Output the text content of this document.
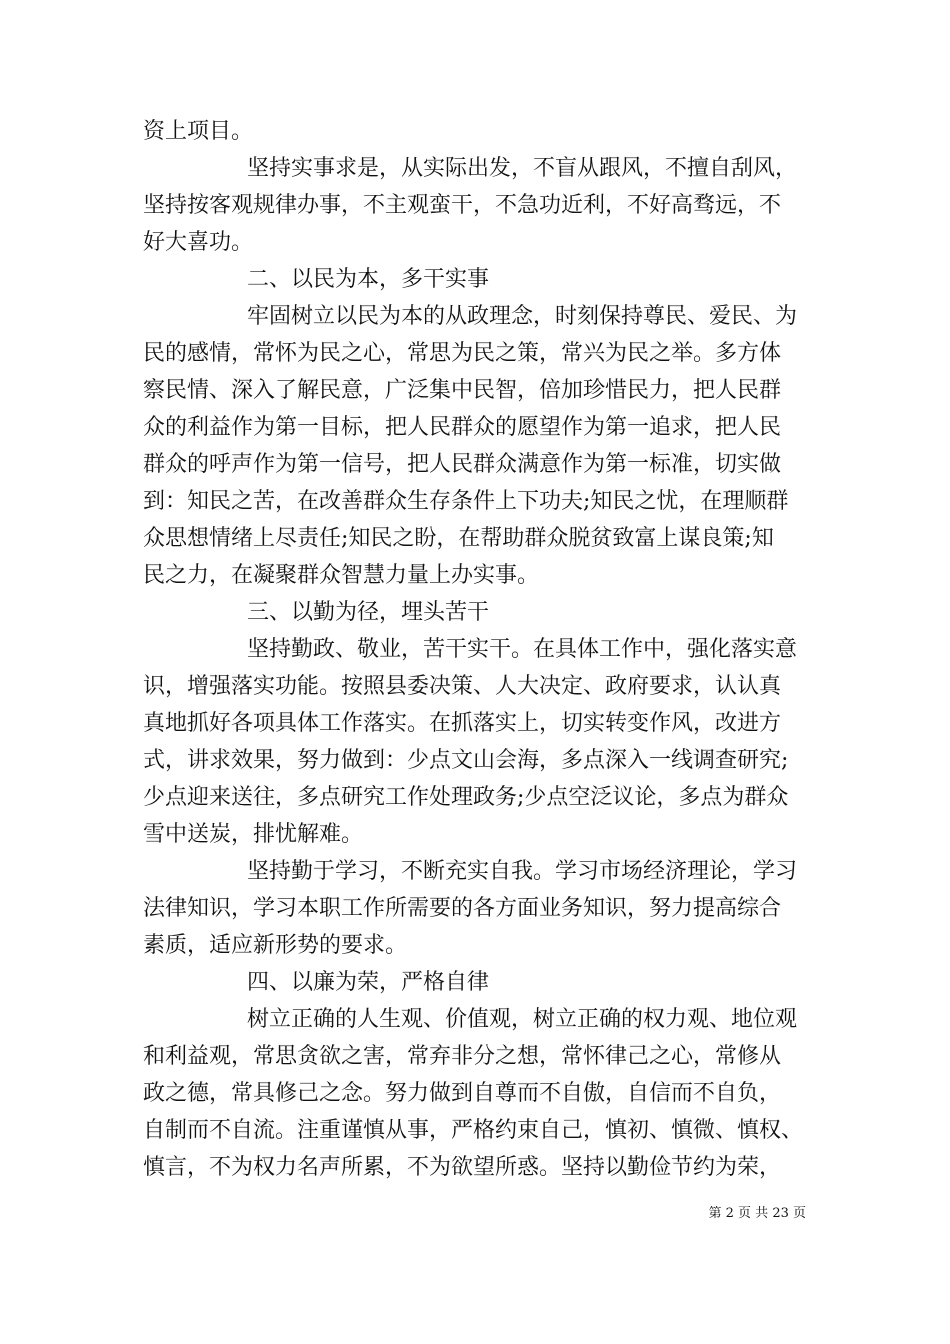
资上项目。
坚持实事求是，从实际出发，不盲从跟风，不擅自刮风，
坚持按客观规律办事，不主观蛮干，不急功近利，不好高骛远，不
好大喜功。
二、以民为本，多干实事
牢固树立以民为本的从政理念，时刻保持尊民、爱民、为
民的感情，常怀为民之心，常思为民之策，常兴为民之举。多方体
察民情、深入了解民意，广泛集中民智，倍加珍惜民力，把人民群
众的利益作为第一目标，把人民群众的愿望作为第一追求，把人民
群众的呼声作为第一信号，把人民群众满意作为第一标准，切实做
到：知民之苦，在改善群众生存条件上下功夫;知民之忧，在理顺群
众思想情绪上尽责任;知民之盼，在帮助群众脱贫致富上谋良策;知
民之力，在凝聚群众智慧力量上办实事。
三、以勤为径，埋头苦干
坚持勤政、敬业，苦干实干。在具体工作中，强化落实意
识，增强落实功能。按照县委决策、人大决定、政府要求，认认真
真地抓好各项具体工作落实。在抓落实上，切实转变作风，改进方
式，讲求效果，努力做到：少点文山会海，多点深入一线调查研究;
少点迎来送往，多点研究工作处理政务;少点空泛议论，多点为群众
雪中送炭，排忧解难。
坚持勤于学习，不断充实自我。学习市场经济理论，学习
法律知识，学习本职工作所需要的各方面业务知识，努力提高综合
素质，适应新形势的要求。
四、以廉为荣，严格自律
树立正确的人生观、价值观，树立正确的权力观、地位观
和利益观，常思贪欲之害，常弃非分之想，常怀律己之心，常修从
政之德，常具修己之念。努力做到自尊而不自傲，自信而不自负，
自制而不自流。注重谨慎从事，严格约束自己，慎初、慎微、慎权、
慎言，不为权力名声所累，不为欲望所惑。坚持以勤俭节约为荣，
第 2 页 共 23 页
